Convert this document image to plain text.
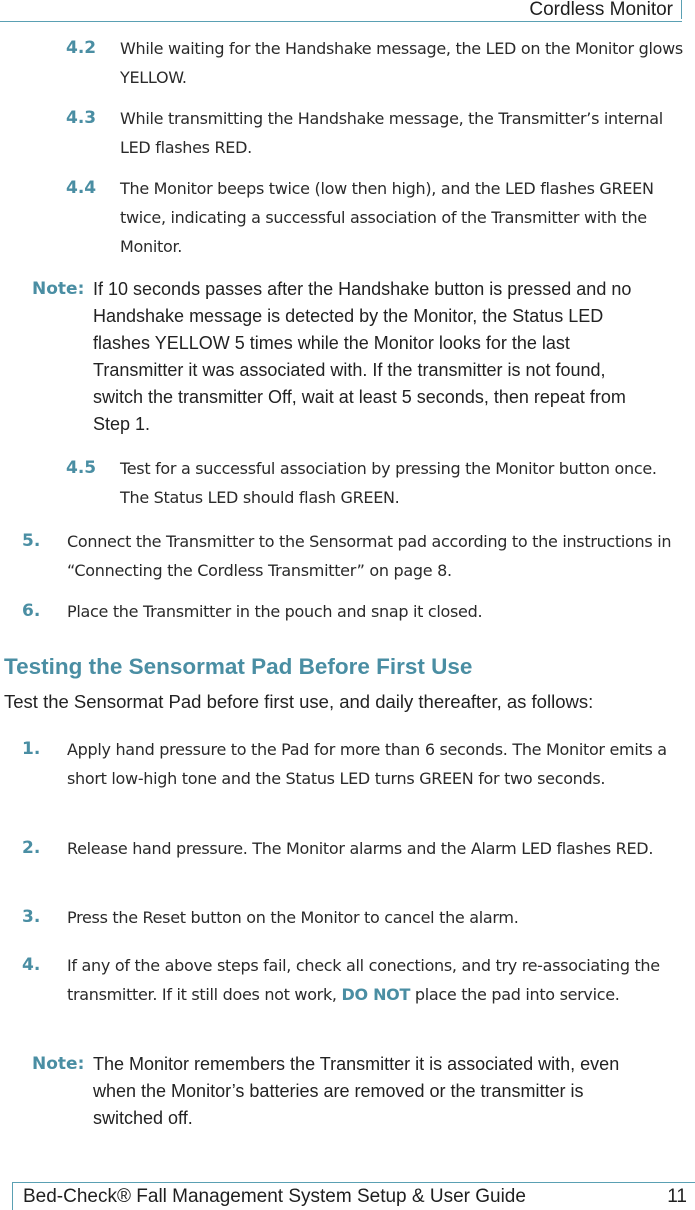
Cordless Monitor
4.2 While waiting for the Handshake message, the LED on the Monitor glows YELLOW.
4.3 While transmitting the Handshake message, the Transmitter’s internal LED flashes RED.
4.4 The Monitor beeps twice (low then high), and the LED flashes GREEN twice, indicating a successful association of the Transmitter with the Monitor.
Note: If 10 seconds passes after the Handshake button is pressed and no Handshake message is detected by the Monitor, the Status LED flashes YELLOW 5 times while the Monitor looks for the last Transmitter it was associated with. If the transmitter is not found, switch the transmitter Off, wait at least 5 seconds, then repeat from Step 1.
4.5 Test for a successful association by pressing the Monitor button once. The Status LED should flash GREEN.
5. Connect the Transmitter to the Sensormat pad according to the instructions in “Connecting the Cordless Transmitter” on page 8.
6. Place the Transmitter in the pouch and snap it closed.
Testing the Sensormat Pad Before First Use
Test the Sensormat Pad before first use, and daily thereafter, as follows:
1. Apply hand pressure to the Pad for more than 6 seconds. The Monitor emits a short low-high tone and the Status LED turns GREEN for two seconds.
2. Release hand pressure. The Monitor alarms and the Alarm LED flashes RED.
3. Press the Reset button on the Monitor to cancel the alarm.
4. If any of the above steps fail, check all conections, and try re-associating the transmitter. If it still does not work, DO NOT place the pad into service.
Note: The Monitor remembers the Transmitter it is associated with, even when the Monitor’s batteries are removed or the transmitter is switched off.
Bed-Check® Fall Management System Setup & User Guide	11
